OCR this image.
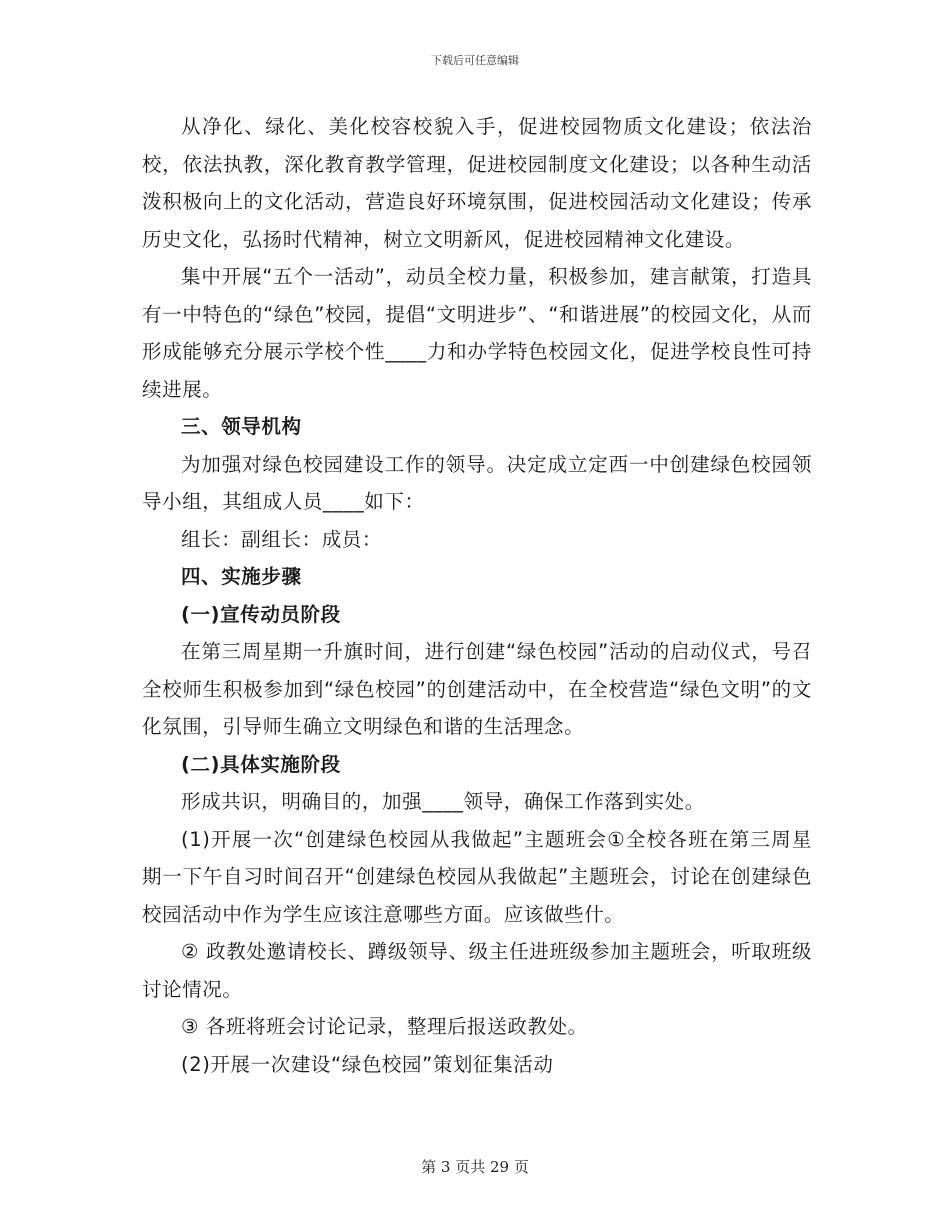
下载后可任意编辑

从净化、绿化、美化校容校貌入手，促进校园物质文化建设；依法治校，依法执教，深化教育教学管理，促进校园制度文化建设；以各种生动活泼积极向上的文化活动，营造良好环境氛围，促进校园活动文化建设；传承历史文化，弘扬时代精神，树立文明新风，促进校园精神文化建设。

集中开展“五个一活动”，动员全校力量，积极参加，建言献策，打造具有一中特色的“绿色”校园，提倡“文明进步”、“和谐进展”的校园文化，从而形成能够充分展示学校个性____力和办学特色校园文化，促进学校良性可持续进展。

三、领导机构

为加强对绿色校园建设工作的领导。决定成立定西一中创建绿色校园领导小组，其组成人员____如下：

组长：副组长：成员：

四、实施步骤

(一)宣传动员阶段

在第三周星期一升旗时间，进行创建“绿色校园”活动的启动仪式，号召全校师生积极参加到“绿色校园”的创建活动中，在全校营造“绿色文明”的文化氛围，引导师生确立文明绿色和谐的生活理念。

(二)具体实施阶段

形成共识，明确目的，加强____领导，确保工作落到实处。

(1)开展一次“创建绿色校园从我做起”主题班会①全校各班在第三周星期一下午自习时间召开“创建绿色校园从我做起”主题班会，讨论在创建绿色校园活动中作为学生应该注意哪些方面。应该做些什。

② 政教处邀请校长、蹲级领导、级主任进班级参加主题班会，听取班级讨论情况。

③ 各班将班会讨论记录，整理后报送政教处。

(2)开展一次建设“绿色校园”策划征集活动

第 3 页共 29 页
